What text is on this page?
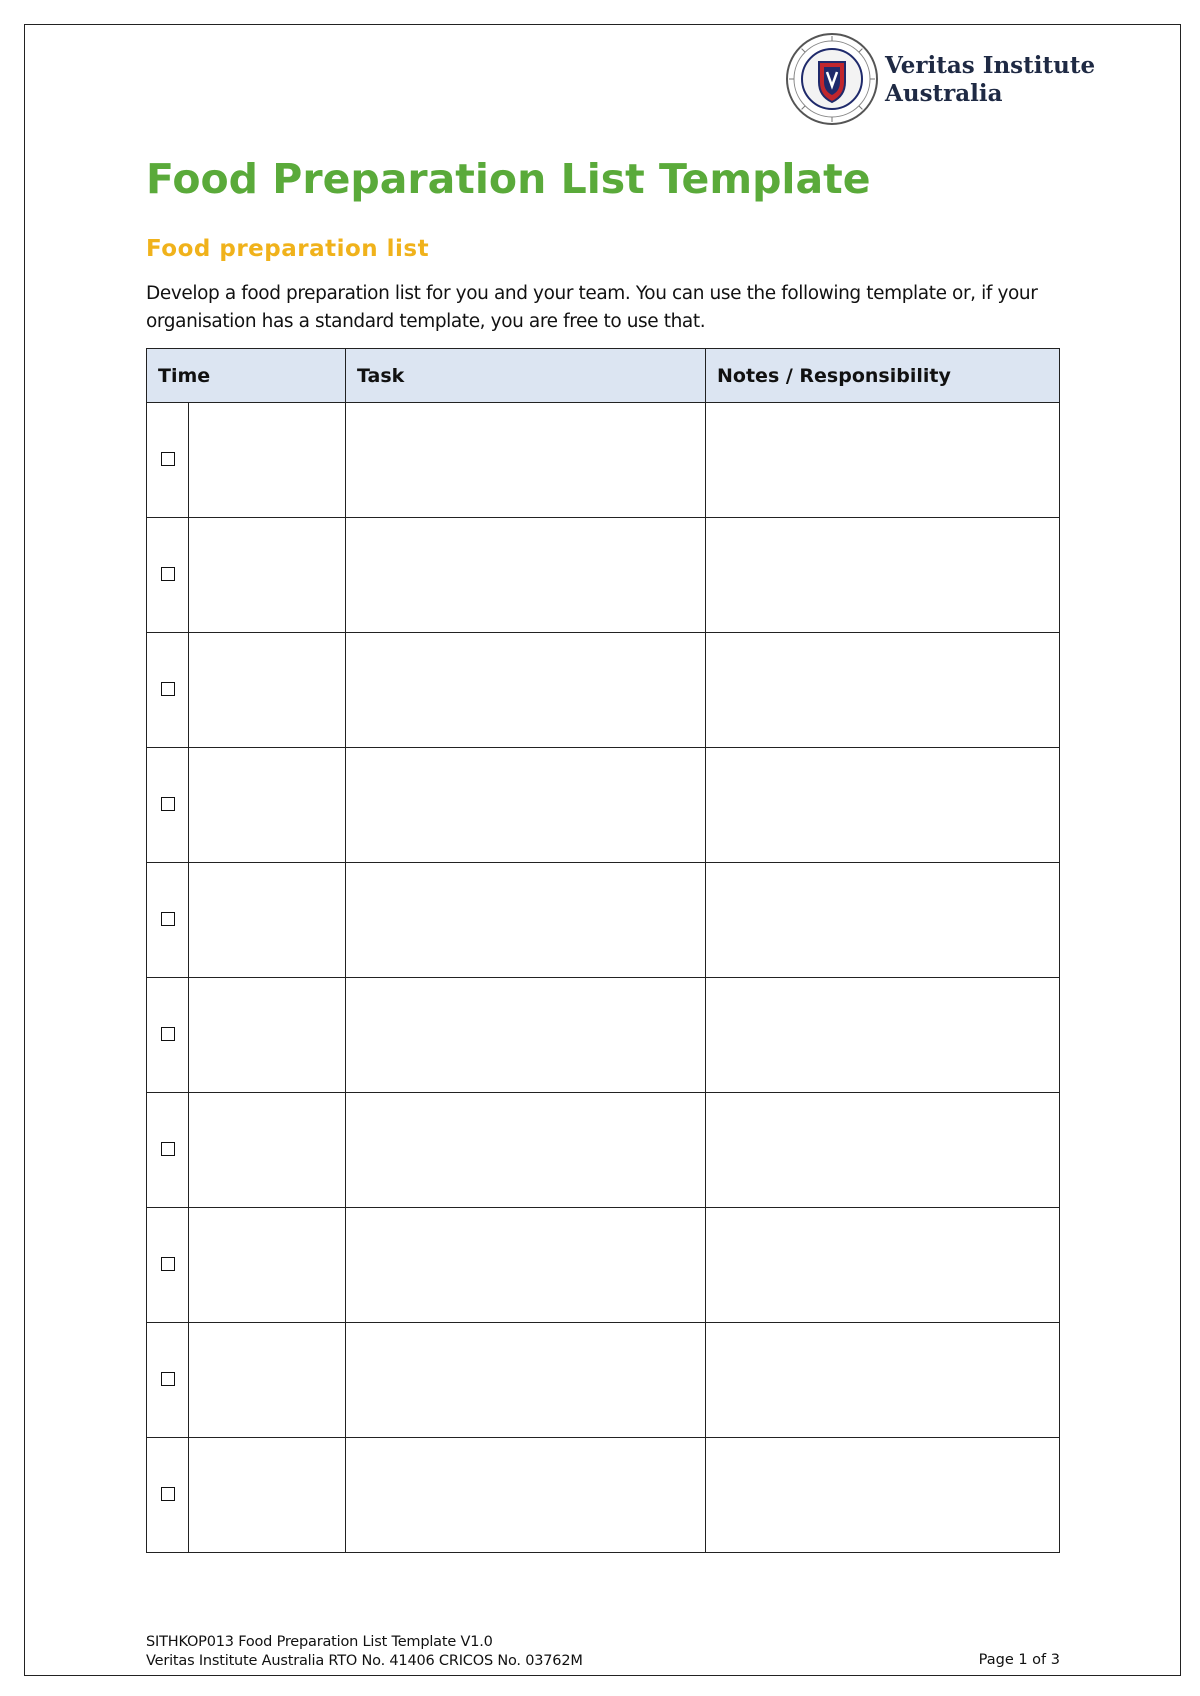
Veritas Institute
Australia
Food Preparation List Template
Food preparation list

Develop a food preparation list for you and your team. You can use the following template or, if your organisation has a standard template, you are free to use that.

Time		Task	Notes / Responsibility

SITHKOP013 Food Preparation List Template V1.0
Veritas Institute Australia RTO No. 41406 CRICOS No. 03762M	Page 1 of 3
